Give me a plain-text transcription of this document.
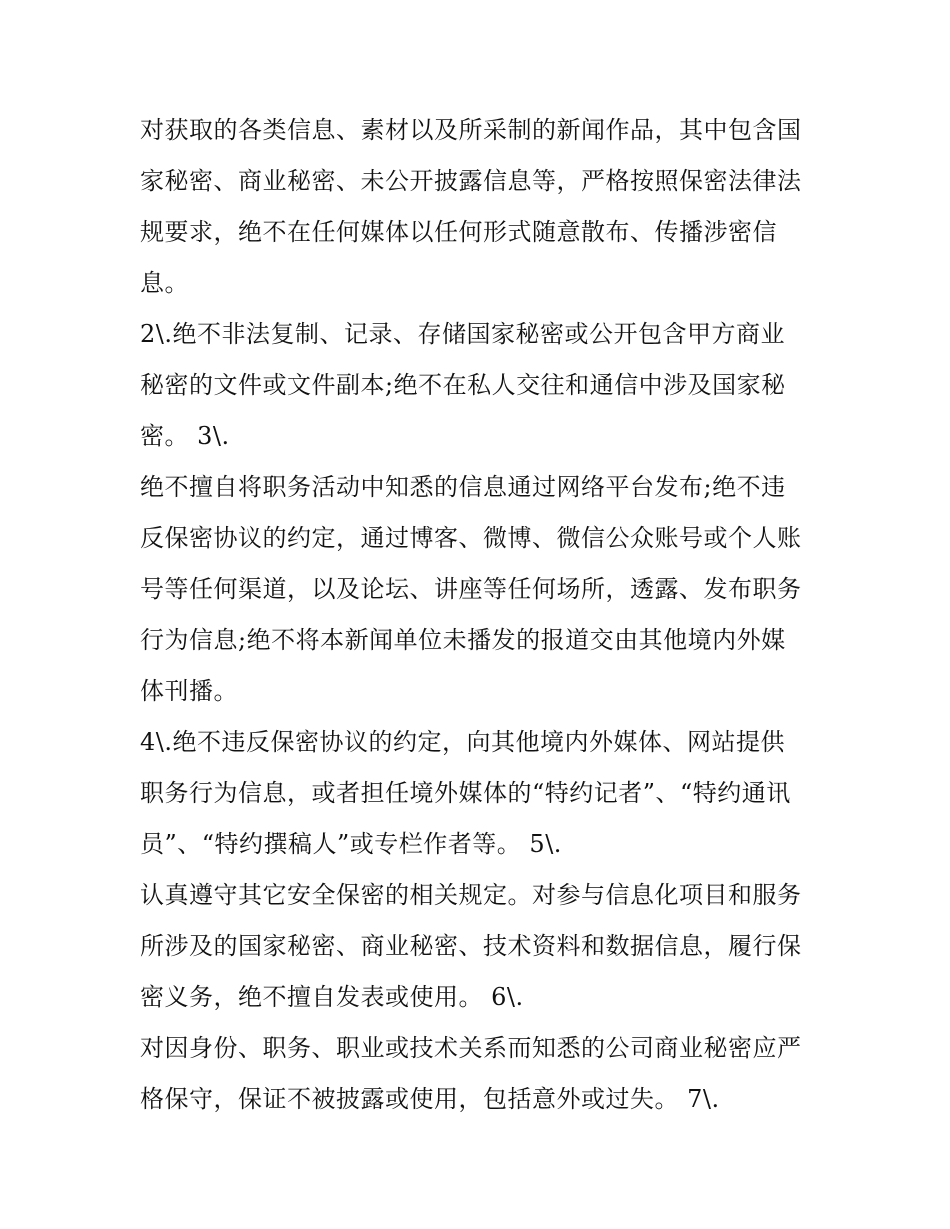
对获取的各类信息、素材以及所采制的新闻作品，其中包含国
家秘密、商业秘密、未公开披露信息等，严格按照保密法律法
规要求，绝不在任何媒体以任何形式随意散布、传播涉密信
息。
2\.绝不非法复制、记录、存储国家秘密或公开包含甲方商业
秘密的文件或文件副本;绝不在私人交往和通信中涉及国家秘
密。 3\.
绝不擅自将职务活动中知悉的信息通过网络平台发布;绝不违
反保密协议的约定，通过博客、微博、微信公众账号或个人账
号等任何渠道，以及论坛、讲座等任何场所，透露、发布职务
行为信息;绝不将本新闻单位未播发的报道交由其他境内外媒
体刊播。
4\.绝不违反保密协议的约定，向其他境内外媒体、网站提供
职务行为信息，或者担任境外媒体的“特约记者”、“特约通讯
员”、“特约撰稿人”或专栏作者等。 5\.
认真遵守其它安全保密的相关规定。对参与信息化项目和服务
所涉及的国家秘密、商业秘密、技术资料和数据信息，履行保
密义务，绝不擅自发表或使用。 6\.
对因身份、职务、职业或技术关系而知悉的公司商业秘密应严
格保守，保证不被披露或使用，包括意外或过失。 7\.
